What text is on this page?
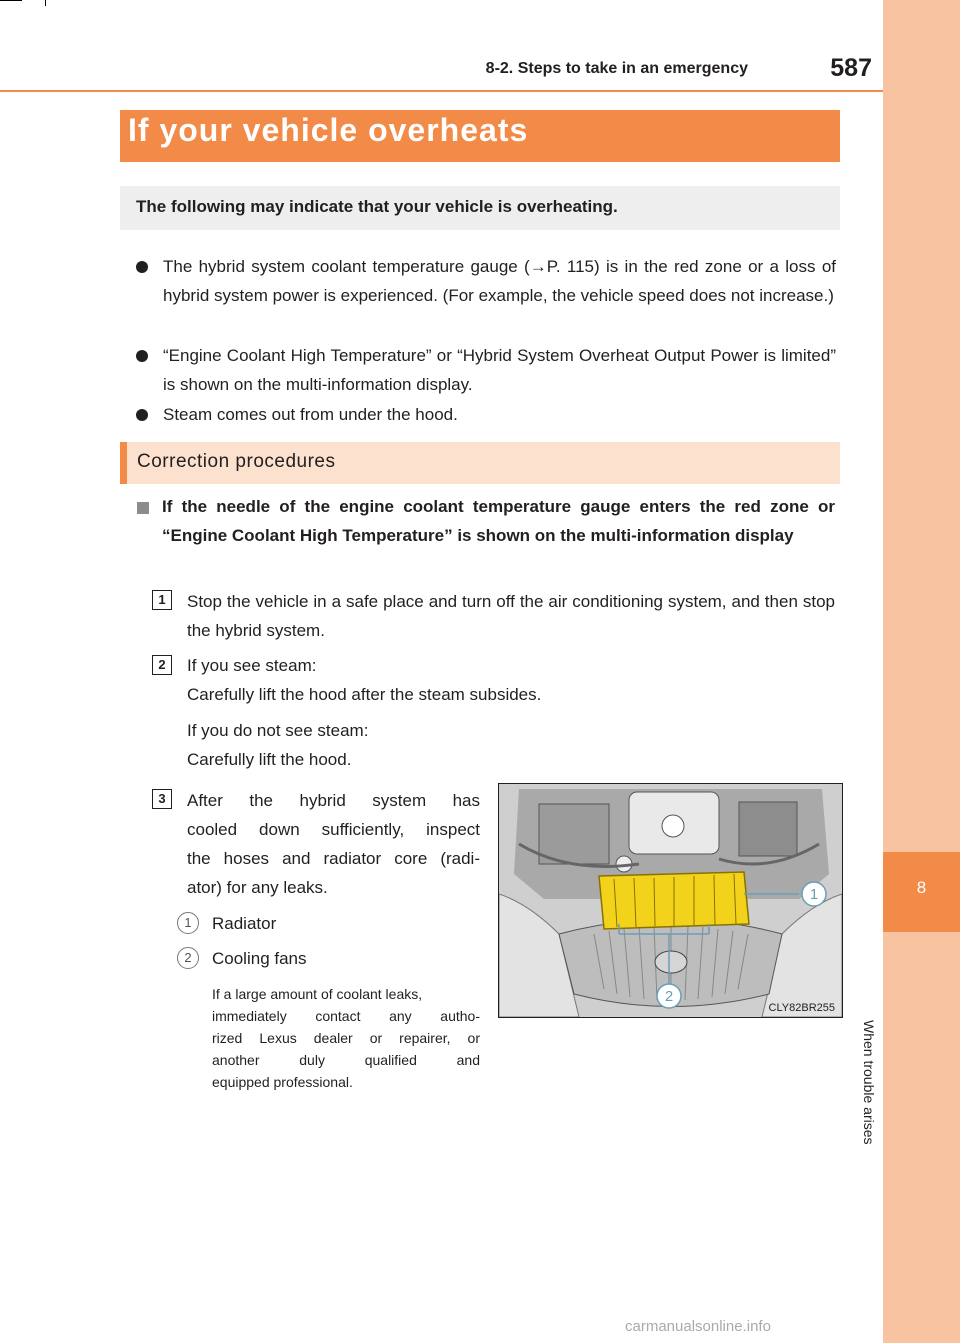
8
When trouble arises
8-2. Steps to take in an emergency	587
If your vehicle overheats
The following may indicate that your vehicle is overheating.
The hybrid system coolant temperature gauge (→P. 115) is in the red zone or a loss of hybrid system power is experienced. (For example, the vehicle speed does not increase.)
“Engine Coolant High Temperature” or “Hybrid System Overheat Output Power is limited” is shown on the multi-information display.
Steam comes out from under the hood.
Correction procedures
If the needle of the engine coolant temperature gauge enters the red zone or “Engine Coolant High Temperature” is shown on the multi-information display
1	Stop the vehicle in a safe place and turn off the air conditioning system, and then stop the hybrid system.
2	If you see steam:
Carefully lift the hood after the steam subsides.
If you do not see steam:
Carefully lift the hood.
3	After the hybrid system has
cooled down sufficiently, inspect
the hoses and radiator core (radi-
ator) for any leaks.
1	Radiator
2	Cooling fans
If a large amount of coolant leaks,
immediately contact any autho-
rized Lexus dealer or repairer, or
another duly qualified and
equipped professional.
1
2
CLY82BR255
carmanualsonline.info
